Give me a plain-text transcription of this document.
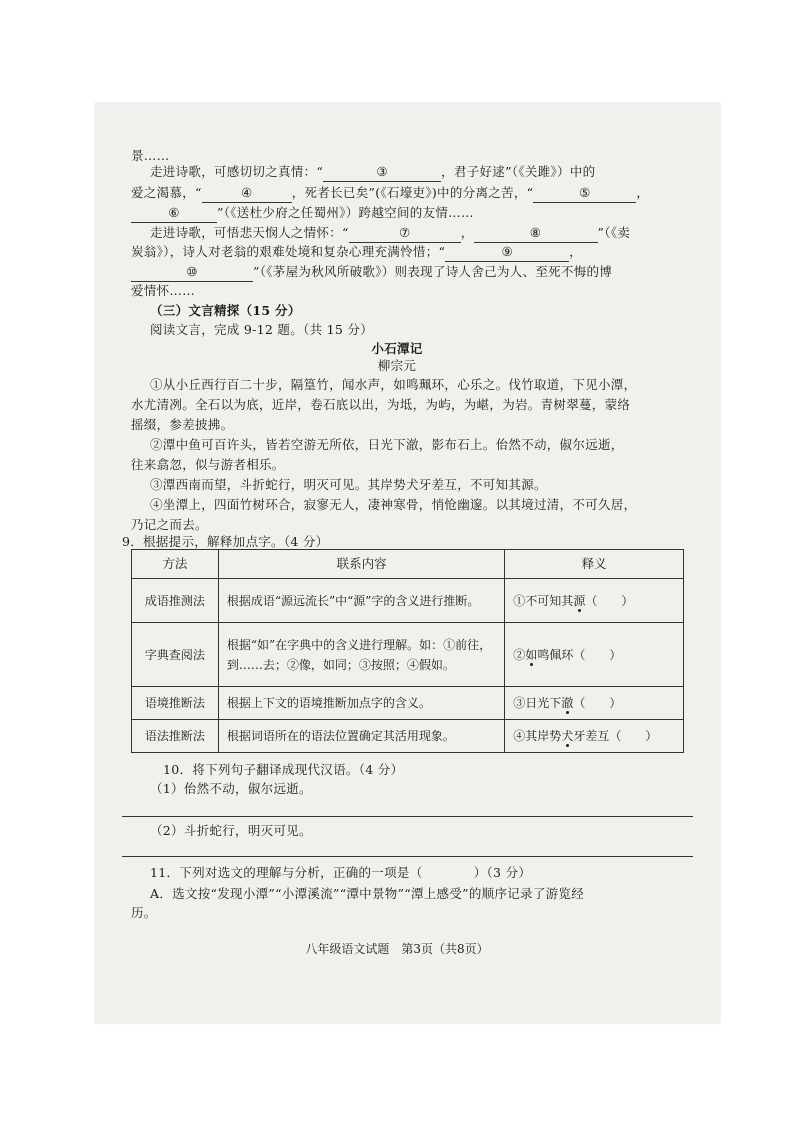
景……
走进诗歌，可感切切之真情：“	③	，君子好逑”（《关雎》）中的
爱之渴慕，“	④	，死者长已矣”(《石壕吏》)中的分离之苦，“	⑤	，
⑥	”（《送杜少府之任蜀州》）跨越空间的友情……
走进诗歌，可悟悲天悯人之情怀：“	⑦	，	⑧	”（《卖
炭翁》），诗人对老翁的艰难处境和复杂心理充满怜惜；“	⑨	，
⑩	”（《茅屋为秋风所破歌》）则表现了诗人舍己为人、至死不悔的博
爱情怀……
（三）文言精探（15 分）
阅读文言，完成 9-12 题。（共 15 分）
小石潭记
柳宗元
①从小丘西行百二十步，隔篁竹，闻水声，如鸣珮环，心乐之。伐竹取道，下见小潭，
水尤清冽。全石以为底，近岸，卷石底以出，为坻，为屿，为嵁，为岩。青树翠蔓，蒙络
摇缀，参差披拂。
②潭中鱼可百许头，皆若空游无所依，日光下澈，影布石上。佁然不动，俶尔远逝，
往来翕忽，似与游者相乐。
③潭西南而望，斗折蛇行，明灭可见。其岸势犬牙差互，不可知其源。
④坐潭上，四面竹树环合，寂寥无人，凄神寒骨，悄怆幽邃。以其境过清，不可久居，
乃记之而去。
9．根据提示，解释加点字。（4 分）
方法	联系内容	释义
成语推测法	根据成语“源远流长”中“源”字的含义进行推断。	①不可知其源（　　）
字典查阅法	根据“如”在字典中的含义进行理解。如：①前往，到……去；②像，如同；③按照；④假如。	②如鸣佩环（　　）
语境推断法	根据上下文的语境推断加点字的含义。	③日光下澈（　　）
语法推断法	根据词语所在的语法位置确定其活用现象。	④其岸势犬牙差互（　　）
10．将下列句子翻译成现代汉语。（4 分）
（1）佁然不动，俶尔远逝。
（2）斗折蛇行，明灭可见。
11．下列对选文的理解与分析，正确的一项是（　　　　）（3 分）
A．选文按“发现小潭”“小潭溪流”“潭中景物”“潭上感受”的顺序记录了游览经
历。
八年级语文试题　第3页（共8页）
